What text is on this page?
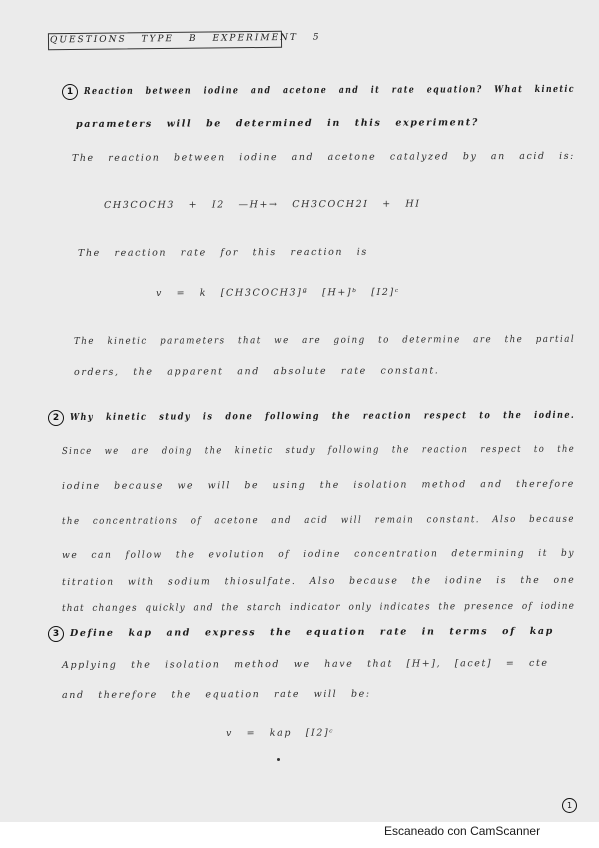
QUESTIONS TYPE B EXPERIMENT 5
1	Reaction between iodine and acetone and it rate equation? What kinetic
parameters will be determined in this experiment?
The reaction between iodine and acetone catalyzed by an acid is:
CH3COCH3 + I2 —H+→ CH3COCH2I + HI
The reaction rate for this reaction is
v = k [CH3COCH3]ª [H+]ᵇ [I2]ᶜ
The kinetic parameters that we are going to determine are the partial
orders, the apparent and absolute rate constant.
2	Why kinetic study is done following the reaction respect to the iodine.
Since we are doing the kinetic study following the reaction respect to the
iodine because we will be using the isolation method and therefore
the concentrations of acetone and acid will remain constant. Also because
we can follow the evolution of iodine concentration determining it by
titration with sodium thiosulfate. Also because the iodine is the one
that changes quickly and the starch indicator only indicates the presence of iodine
3	Define kap and express the equation rate in terms of kap
Applying the isolation method we have that [H+], [acet] = cte
and therefore the equation rate will be:
v = kap [I2]ᶜ
1
Escaneado con CamScanner
